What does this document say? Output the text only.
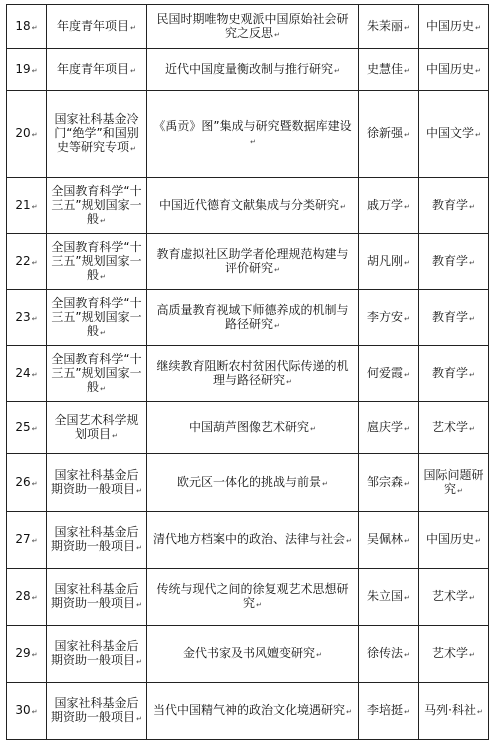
18↵	年度青年项目↵	民国时期唯物史观派中国原始社会研究之反思↵	朱茉丽↵	中国历史↵
19↵	年度青年项目↵	近代中国度量衡改制与推行研究↵	史慧佳↵	中国历史↵
20↵	国家社科基金冷门“绝学”和国别史等研究专项↵	《禹贡》图”集成与研究暨数据库建设↵	徐新强↵	中国文学↵
21↵	全国教育科学“十三五”规划国家一般↵	中国近代德育文献集成与分类研究↵	戚万学↵	教育学↵
22↵	全国教育科学“十三五”规划国家一般↵	教育虚拟社区助学者伦理规范构建与评价研究↵	胡凡刚↵	教育学↵
23↵	全国教育科学“十三五”规划国家一般↵	高质量教育视域下师德养成的机制与路径研究↵	李方安↵	教育学↵
24↵	全国教育科学“十三五”规划国家一般↵	继续教育阻断农村贫困代际传递的机理与路径研究↵	何爱霞↵	教育学↵
25↵	全国艺术科学规划项目↵	中国葫芦图像艺术研究↵	扈庆学↵	艺术学↵
26↵	国家社科基金后期资助一般项目↵	欧元区一体化的挑战与前景↵	邹宗森↵	国际问题研究↵
27↵	国家社科基金后期资助一般项目↵	清代地方档案中的政治、法律与社会↵	吴佩林↵	中国历史↵
28↵	国家社科基金后期资助一般项目↵	传统与现代之间的徐复观艺术思想研究↵	朱立国↵	艺术学↵
29↵	国家社科基金后期资助一般项目↵	金代书家及书风嬗变研究↵	徐传法↵	艺术学↵
30↵	国家社科基金后期资助一般项目↵	当代中国精气神的政治文化境遇研究↵	李培挺↵	马列·科社↵
